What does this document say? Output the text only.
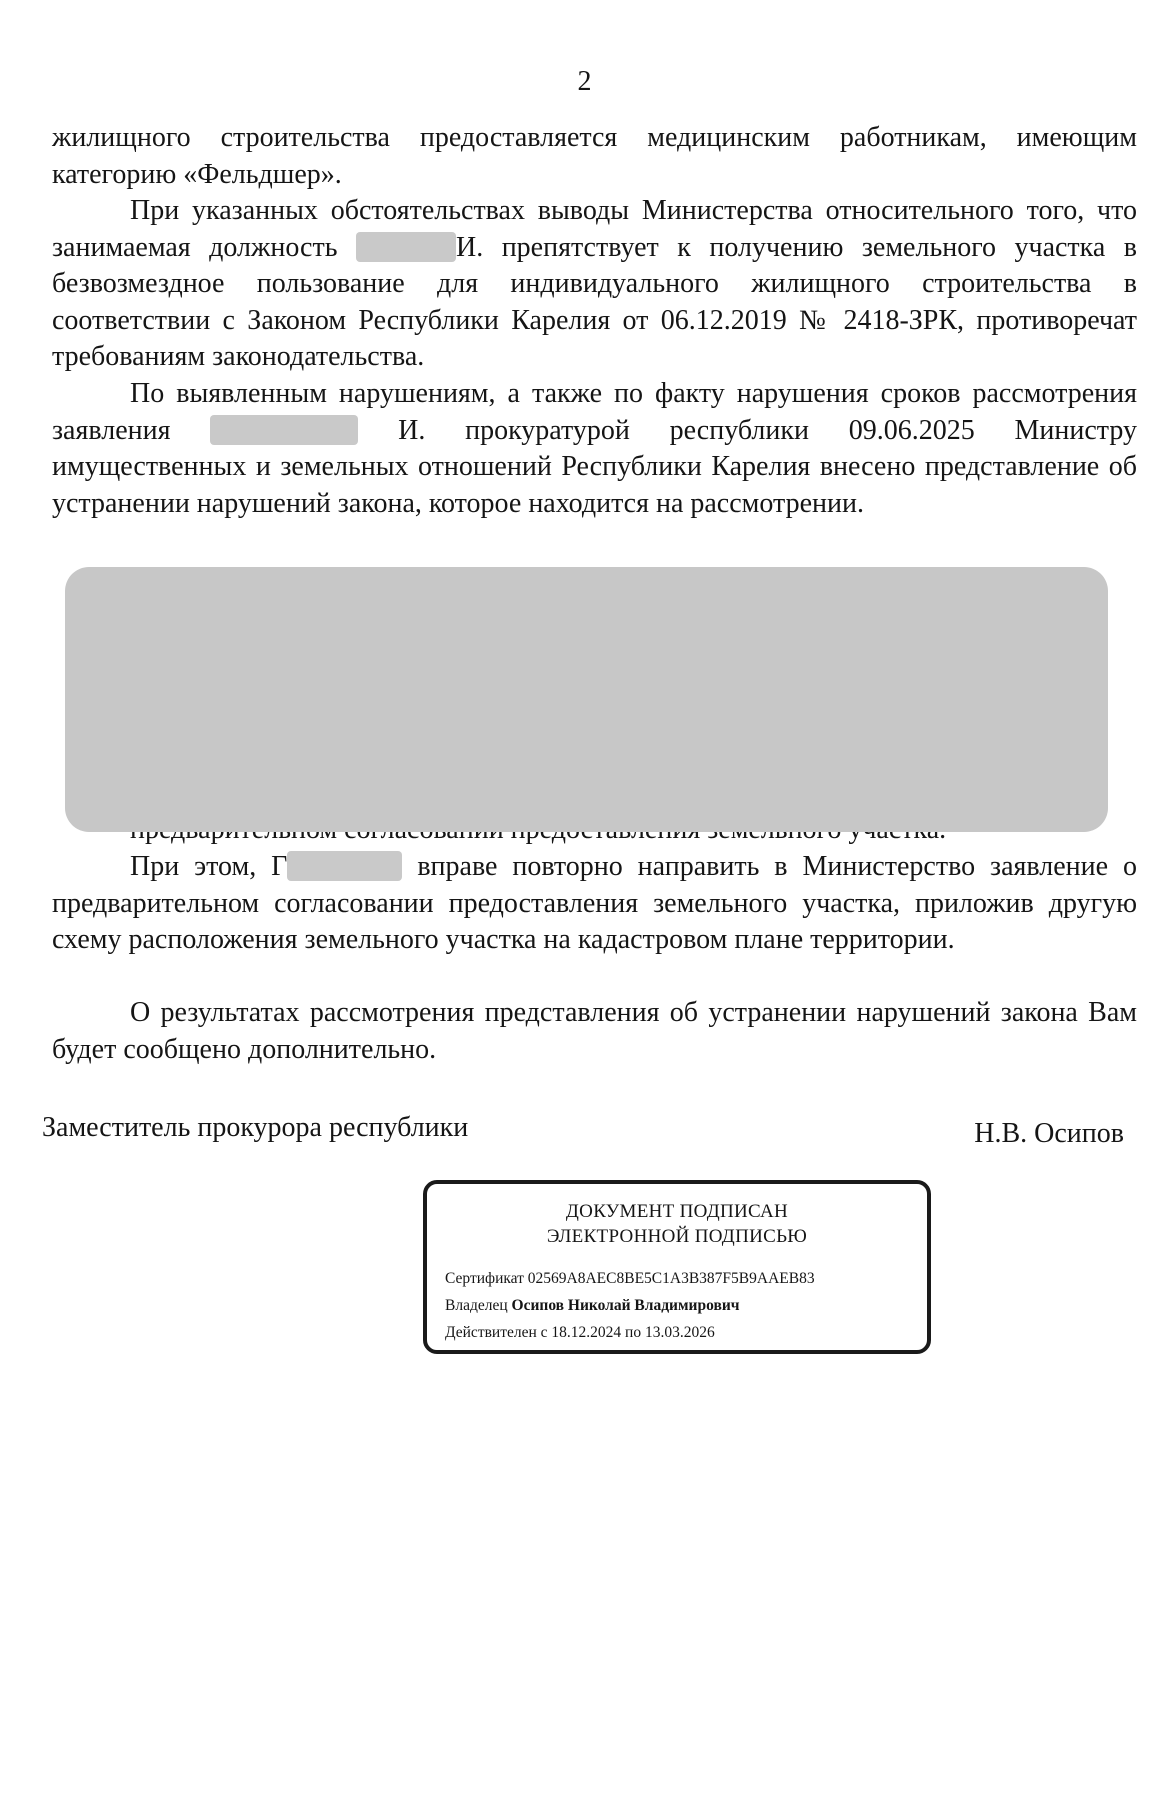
2

жилищного строительства предоставляется медицинским работникам, имеющим категорию «Фельдшер».

При указанных обстоятельствах выводы Министерства относительного того, что занимаемая должность	И. препятствует к получению земельного участка в безвозмездное пользование для индивидуального жилищного строительства в соответствии с Законом Республики Карелия от 06.12.2019 № 2418-ЗРК, противоречат требованиям законодательства.

По выявленным нарушениям, а также по факту нарушения сроков рассмотрения заявления	И. прокуратурой республики 09.06.2025 Министру имущественных и земельных отношений Республики Карелия внесено представление об устранении нарушений закона, которое находится на рассмотрении.

При этом, Г	вправе повторно направить в Министерство заявление о предварительном согласовании предоставления земельного участка, приложив другую схему расположения земельного участка на кадастровом плане территории.

О результатах рассмотрения представления об устранении нарушений закона Вам будет сообщено дополнительно.

Заместитель прокурора республики	Н.В. Осипов
ДОКУМЕНТ ПОДПИСАН
ЭЛЕКТРОННОЙ ПОДПИСЬЮ
Сертификат 02569A8AEC8BE5C1A3B387F5B9AAEB83
Владелец Осипов Николай Владимирович
Действителен с 18.12.2024 по 13.03.2026
